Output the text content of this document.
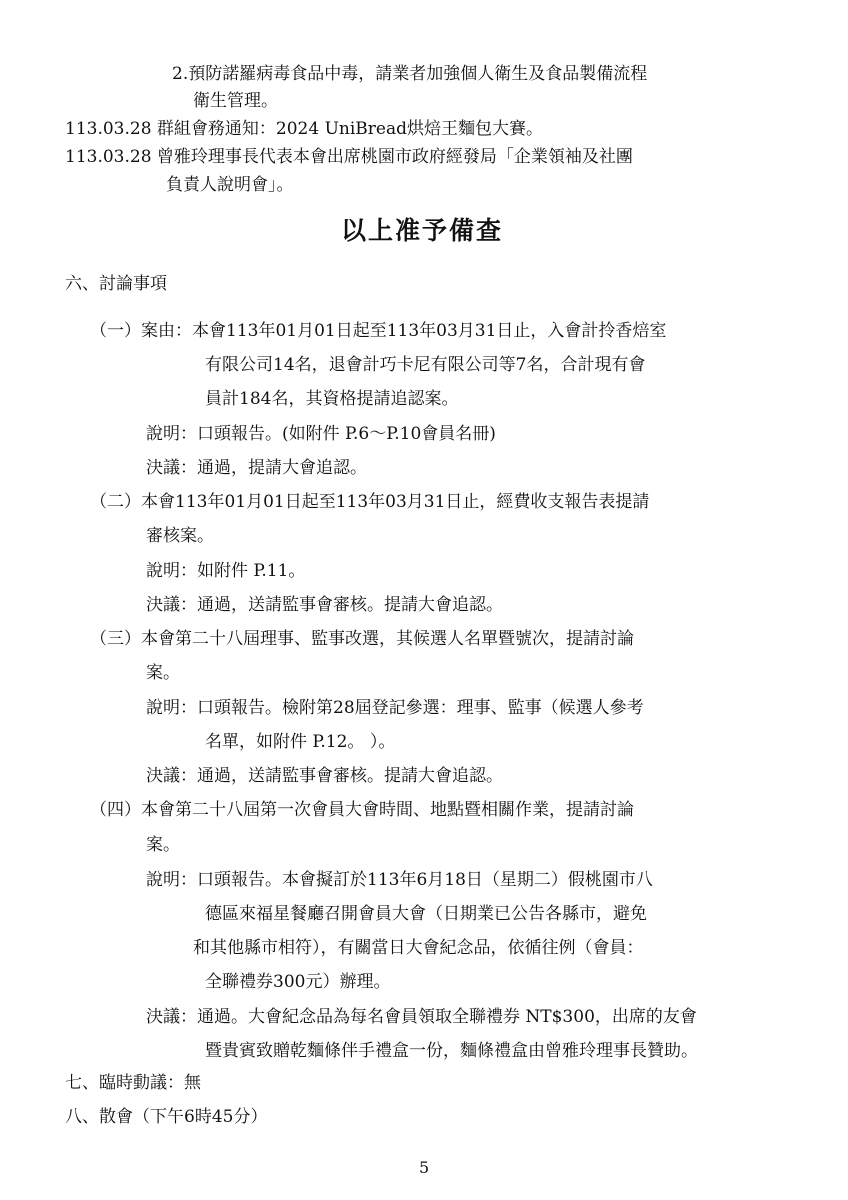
2.預防諾羅病毒食品中毒，請業者加強個人衛生及食品製備流程
衛生管理。
113.03.28 群組會務通知：2024 UniBread烘焙王麵包大賽。
113.03.28 曾雅玲理事長代表本會出席桃園市政府經發局「企業領袖及社團
負責人說明會」。
以上准予備查
六、討論事項
（一）案由：本會113年01月01日起至113年03月31日止，入會計拎香焙室
有限公司14名，退會計巧卡尼有限公司等7名，合計現有會
員計184名，其資格提請追認案。
說明：口頭報告。(如附件 P.6～P.10會員名冊)
決議：通過，提請大會追認。
（二）本會113年01月01日起至113年03月31日止，經費收支報告表提請
審核案。
說明：如附件 P.11。
決議：通過，送請監事會審核。提請大會追認。
（三）本會第二十八屆理事、監事改選，其候選人名單暨號次，提請討論
案。
說明：口頭報告。檢附第28屆登記參選：理事、監事（候選人參考
名單，如附件 P.12。 ）。
決議：通過，送請監事會審核。提請大會追認。
（四）本會第二十八屆第一次會員大會時間、地點暨相關作業，提請討論
案。
說明：口頭報告。本會擬訂於113年6月18日（星期二）假桃園市八
德區來福星餐廳召開會員大會（日期業已公告各縣市，避免
和其他縣市相符），有關當日大會紀念品，依循往例（會員：
全聯禮券300元）辦理。
決議：通過。大會紀念品為每名會員領取全聯禮券 NT$300，出席的友會
暨貴賓致贈乾麵條伴手禮盒一份，麵條禮盒由曾雅玲理事長贊助。
七、臨時動議：無
八、散會（下午6時45分）
5
